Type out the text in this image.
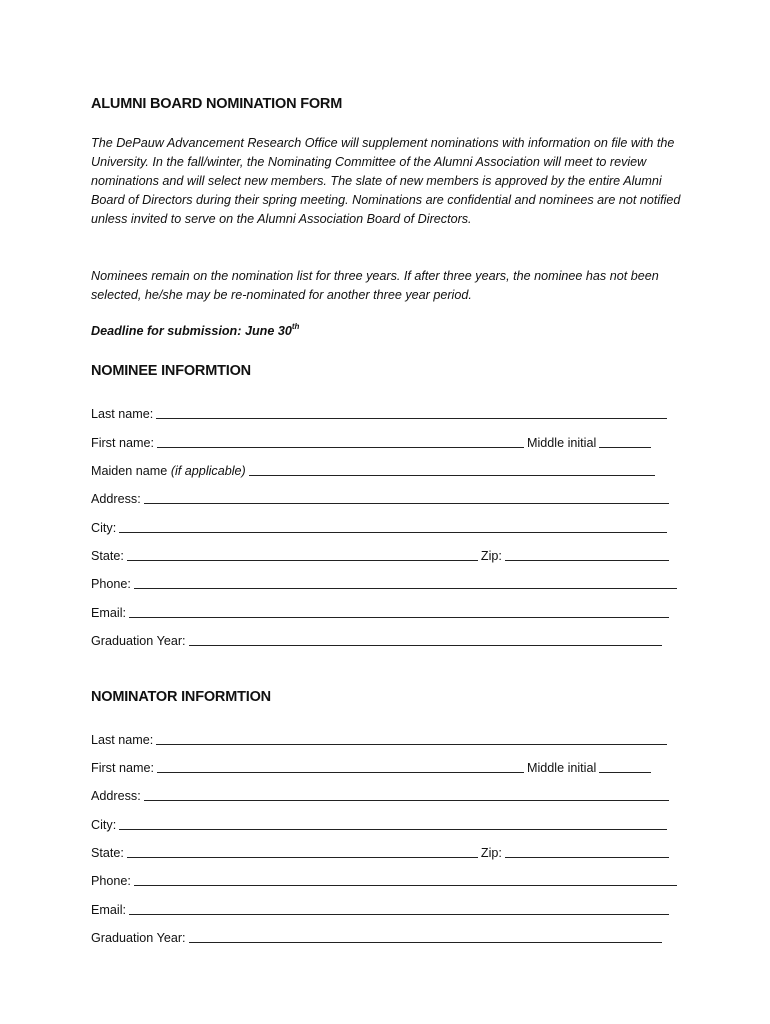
ALUMNI BOARD NOMINATION FORM

The DePauw Advancement Research Office will supplement nominations with information on file with the University. In the fall/winter, the Nominating Committee of the Alumni Association will meet to review nominations and will select new members. The slate of new members is approved by the entire Alumni Board of Directors during their spring meeting. Nominations are confidential and nominees are not notified unless invited to serve on the Alumni Association Board of Directors.

Nominees remain on the nomination list for three years. If after three years, the nominee has not been selected, he/she may be re-nominated for another three year period.

Deadline for submission: June 30th
NOMINEE INFORMTION
Last name:
First name:	Middle initial
Maiden name (if applicable)
Address:
City:
State:	Zip:
Phone:
Email:
Graduation Year:
NOMINATOR INFORMTION
Last name:
First name:	Middle initial
Address:
City:
State:	Zip:
Phone:
Email:
Graduation Year:
